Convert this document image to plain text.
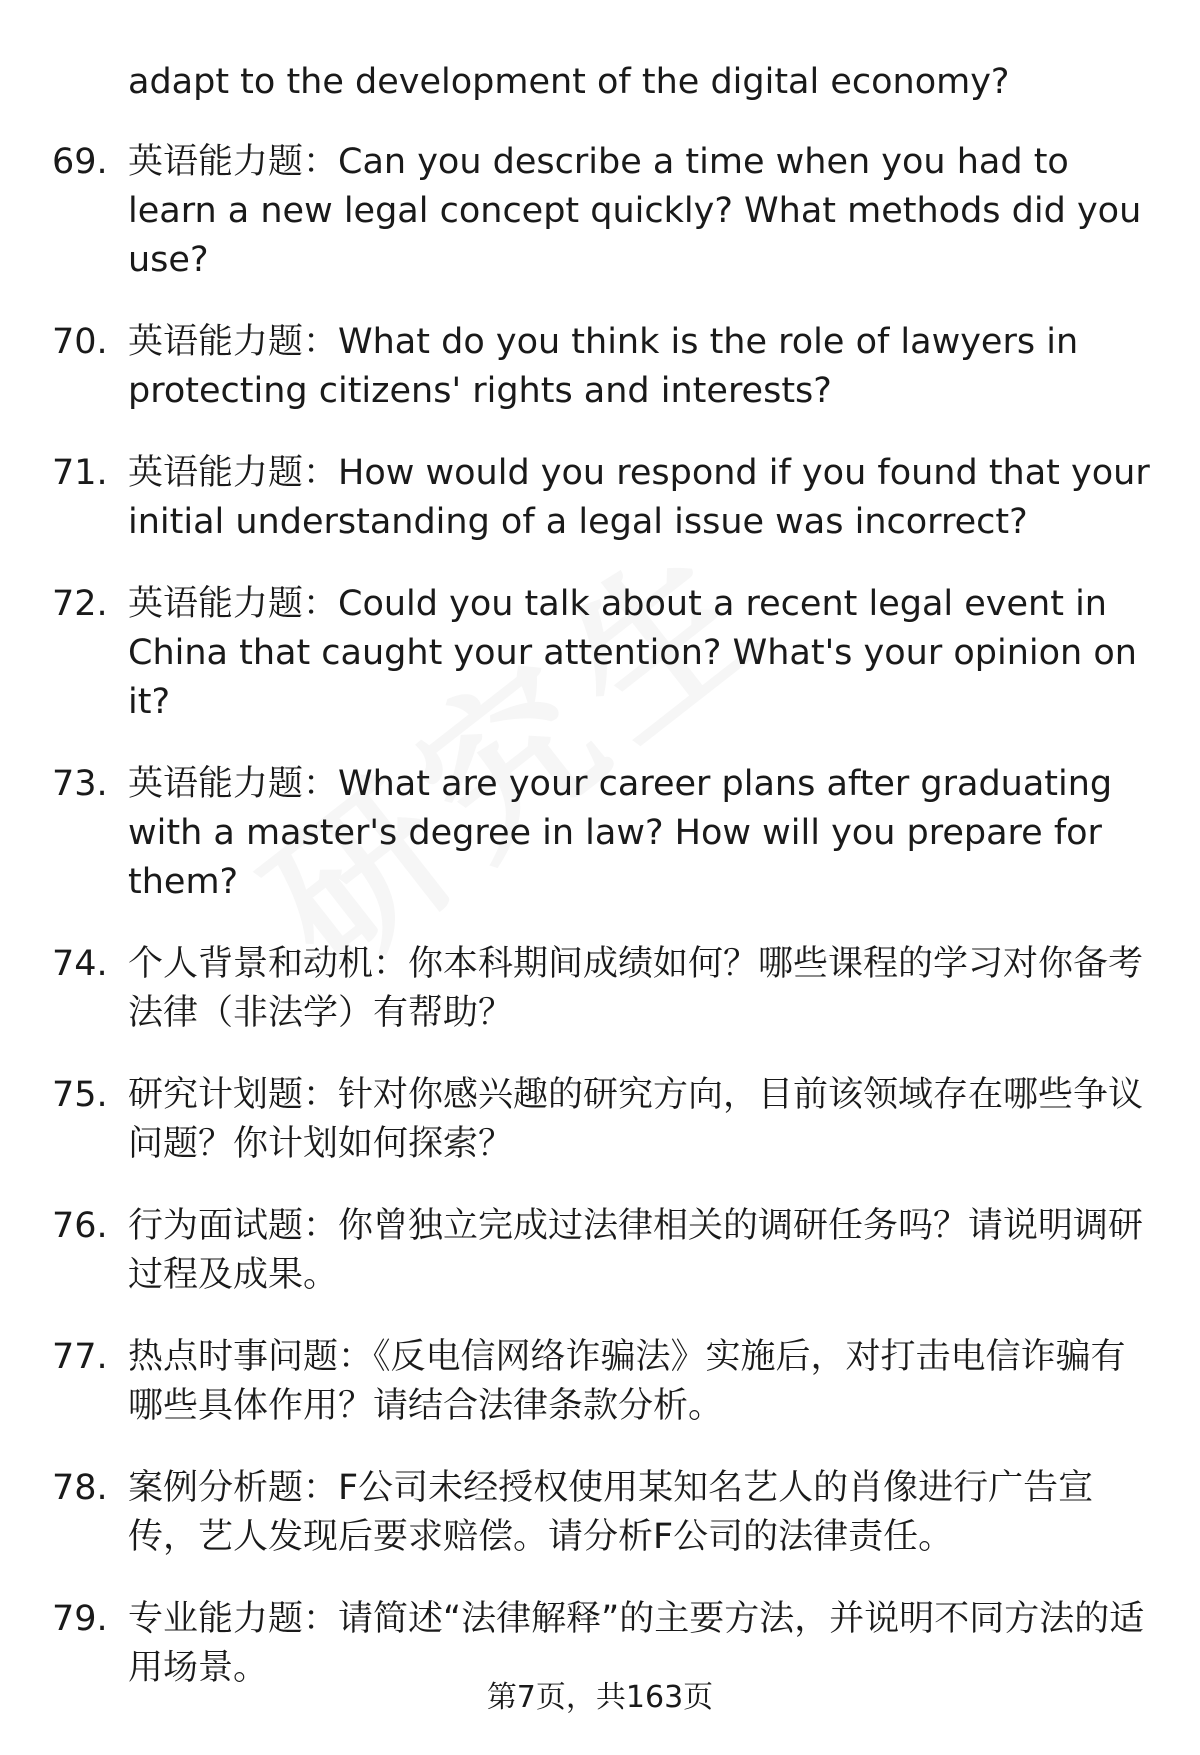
adapt to the development of the digital economy?

69. 英语能力题：Can you describe a time when you had to learn a new legal concept quickly? What methods did you use?
70. 英语能力题：What do you think is the role of lawyers in protecting citizens' rights and interests?
71. 英语能力题：How would you respond if you found that your initial understanding of a legal issue was incorrect?
72. 英语能力题：Could you talk about a recent legal event in China that caught your attention? What's your opinion on it?
73. 英语能力题：What are your career plans after graduating with a master's degree in law? How will you prepare for them?
74. 个人背景和动机：你本科期间成绩如何？哪些课程的学习对你备考法律（非法学）有帮助？
75. 研究计划题：针对你感兴趣的研究方向，目前该领域存在哪些争议问题？你计划如何探索？
76. 行为面试题：你曾独立完成过法律相关的调研任务吗？请说明调研过程及成果。
77. 热点时事问题：《反电信网络诈骗法》实施后，对打击电信诈骗有哪些具体作用？请结合法律条款分析。
78. 案例分析题：F公司未经授权使用某知名艺人的肖像进行广告宣传，艺人发现后要求赔偿。请分析F公司的法律责任。
79. 专业能力题：请简述“法律解释”的主要方法，并说明不同方法的适用场景。
第7页，共163页
